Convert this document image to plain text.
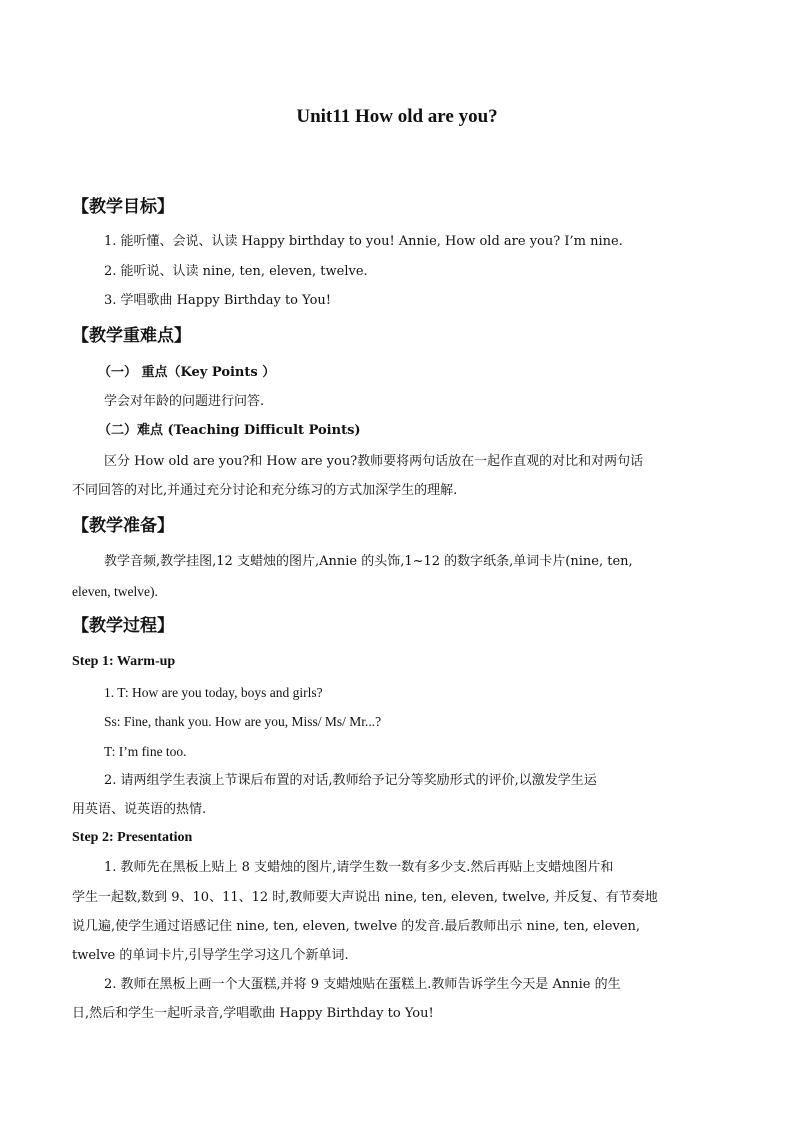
Unit11 How old are you?
【教学目标】
1. 能听懂、会说、认读 Happy birthday to you! Annie, How old are you? I’m nine.
2. 能听说、认读 nine, ten, eleven, twelve.
3. 学唱歌曲 Happy Birthday to You!
【教学重难点】
（一） 重点（Key Points ）
学会对年龄的问题进行问答.
（二）难点 (Teaching Difficult Points)
区分 How old are you?和 How are you?教师要将两句话放在一起作直观的对比和对两句话
不同回答的对比,并通过充分讨论和充分练习的方式加深学生的理解.
【教学准备】
教学音频,教学挂图,12 支蜡烛的图片,Annie 的头饰,1~12 的数字纸条,单词卡片(nine, ten,
eleven, twelve).
【教学过程】
Step 1: Warm-up
1. T: How are you today, boys and girls?
Ss: Fine, thank you. How are you, Miss/ Ms/ Mr...?
T: I’m fine too.
2. 请两组学生表演上节课后布置的对话,教师给予记分等奖励形式的评价,以激发学生运
用英语、说英语的热情.
Step 2: Presentation
1. 教师先在黑板上贴上 8 支蜡烛的图片,请学生数一数有多少支.然后再贴上支蜡烛图片和
学生一起数,数到 9、10、11、12 时,教师要大声说出 nine, ten, eleven, twelve, 并反复、有节奏地
说几遍,使学生通过语感记住 nine, ten, eleven, twelve 的发音.最后教师出示 nine, ten, eleven,
twelve 的单词卡片,引导学生学习这几个新单词.
2. 教师在黑板上画一个大蛋糕,并将 9 支蜡烛贴在蛋糕上.教师告诉学生今天是 Annie 的生
日,然后和学生一起听录音,学唱歌曲 Happy Birthday to You!
